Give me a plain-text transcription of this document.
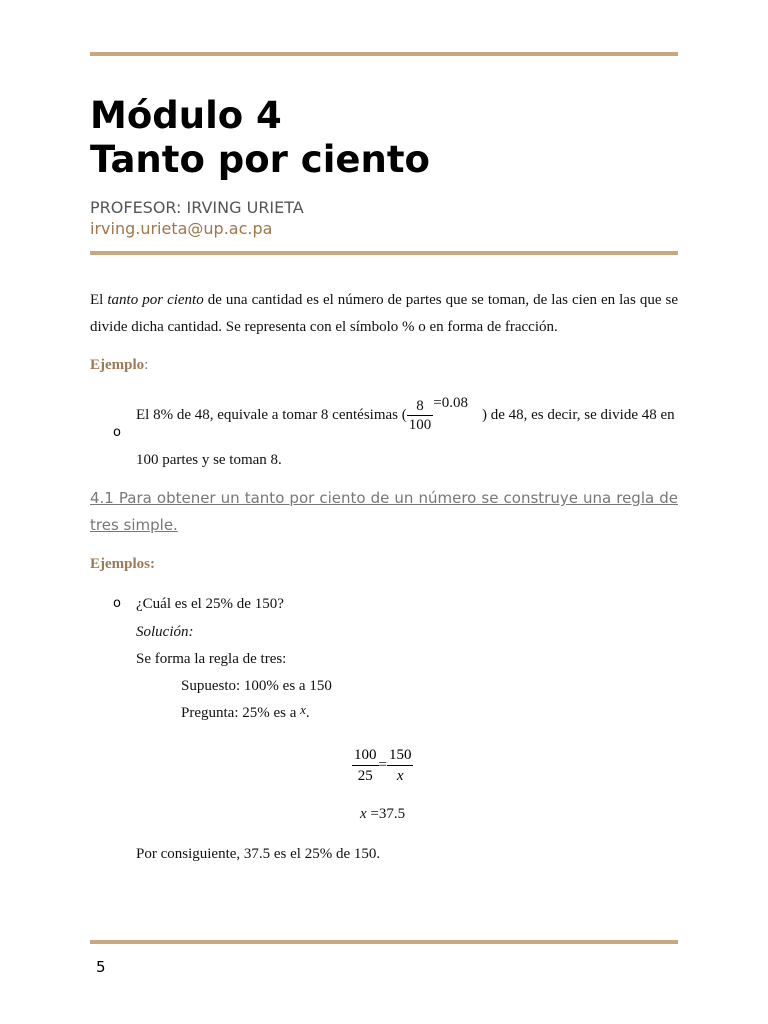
Módulo 4
Tanto por ciento
PROFESOR: IRVING URIETA
irving.urieta@up.ac.pa
El tanto por ciento de una cantidad es el número de partes que se toman, de las cien en las que se divide dicha cantidad. Se representa con el símbolo % o en forma de fracción.
Ejemplo:
o
El 8% de 48, equivale a tomar 8 centésimas ( $\frac{8}{100} =0.08$) de 48, es decir, se divide 48 en
100 partes y se toman 8.
4.1 Para obtener un tanto por ciento de un número se construye una regla de tres simple.
Ejemplos:
o ¿Cuál es el 25% de 150?
Solución:
Se forma la regla de tres:
Supuesto: 100% es a 150
Pregunta: 25% es a x.
$\frac{100}{25} = \frac{150}{x}$
x =37.5
Por consiguiente, 37.5 es el 25% de 150.
5
